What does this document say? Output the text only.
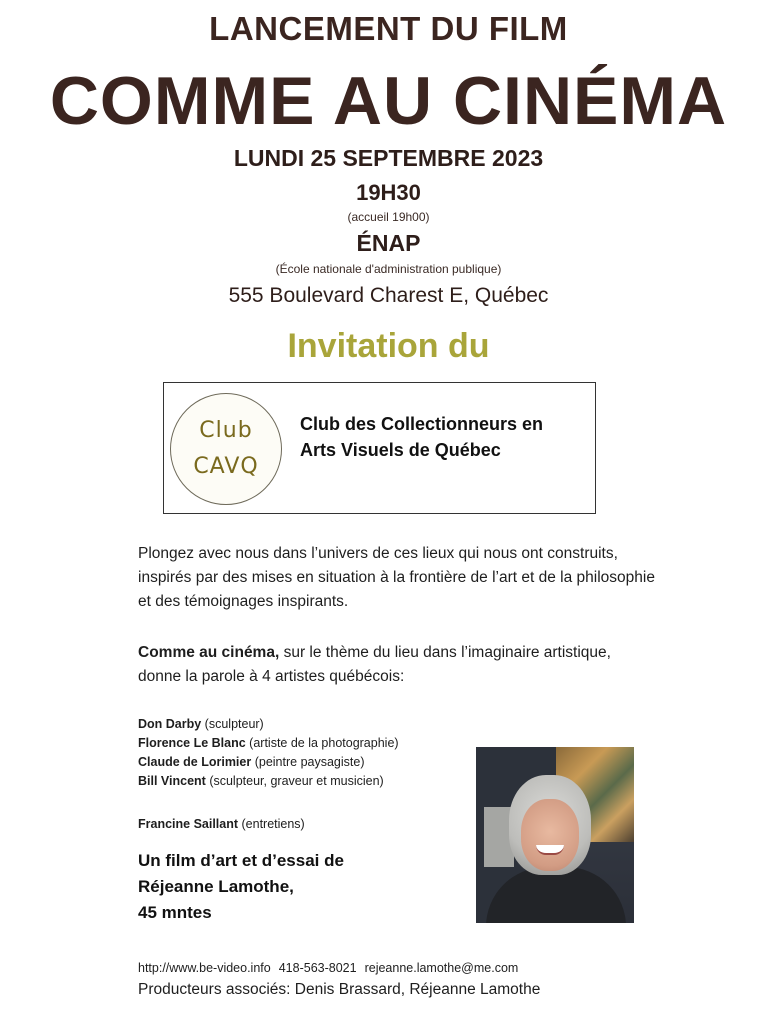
LANCEMENT DU FILM
COMME AU CINÉMA
LUNDI 25 SEPTEMBRE 2023
19H30
(accueil 19h00)
ÉNAP
(École nationale d'administration publique)
555 Boulevard Charest E, Québec
Invitation du
Club
CAVQ
Club des Collectionneurs en
Arts Visuels de Québec
Plongez avec nous dans l’univers de ces lieux qui nous ont construits, inspirés par des mises en situation à la frontière de l’art et de la philosophie et des témoignages inspirants.
Comme au cinéma, sur le thème du lieu dans l’imaginaire artistique, donne la parole à 4 artistes québécois:
Don Darby (sculpteur)
Florence Le Blanc (artiste de la photographie)
Claude de Lorimier (peintre paysagiste)
Bill Vincent (sculpteur, graveur et musicien)
Francine Saillant (entretiens)
Un film d’art et d’essai de
Réjeanne Lamothe,
45 mntes
http://www.be-video.info 418-563-8021 rejeanne.lamothe@me.com
Producteurs associés: Denis Brassard, Réjeanne Lamothe
